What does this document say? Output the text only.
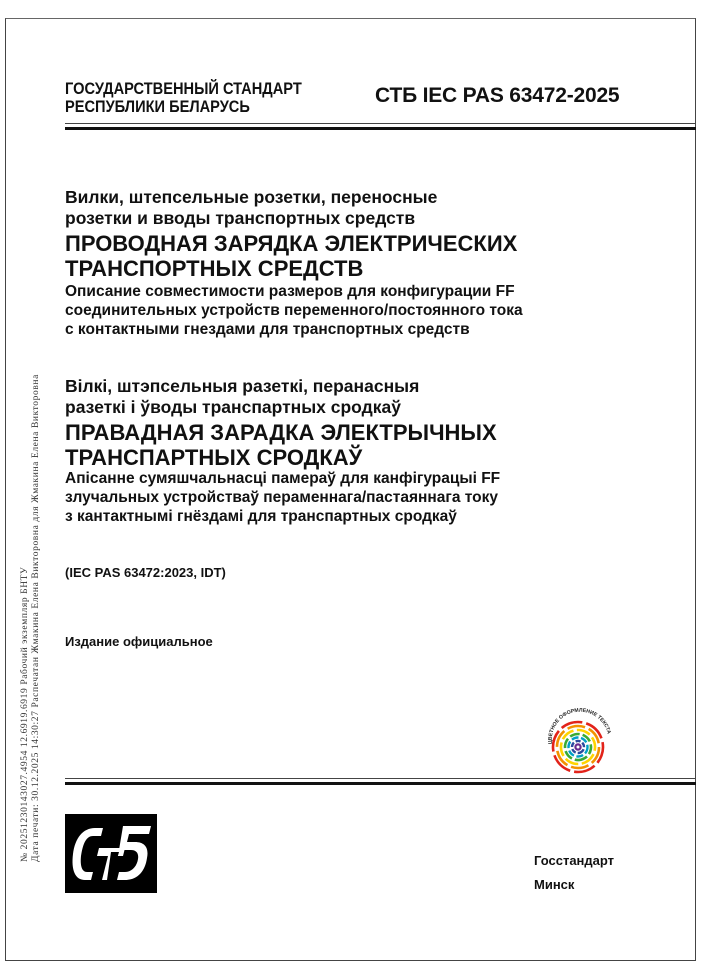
ГОСУДАРСТВЕННЫЙ СТАНДАРТ
РЕСПУБЛИКИ БЕЛАРУСЬ	СТБ IEC PAS 63472-2025
Вилки, штепсельные розетки, переносные
розетки и вводы транспортных средств
ПРОВОДНАЯ ЗАРЯДКА ЭЛЕКТРИЧЕСКИХ
ТРАНСПОРТНЫХ СРЕДСТВ
Описание совместимости размеров для конфигурации FF
соединительных устройств переменного/постоянного тока
с контактными гнездами для транспортных средств
Вілкі, штэпсельныя разеткі, перанасныя
разеткі і ўводы транспартных сродкаў
ПРАВАДНАЯ ЗАРАДКА ЭЛЕКТРЫЧНЫХ
ТРАНСПАРТНЫХ СРОДКАЎ
Апісанне сумяшчальнасці памераў для канфігурацыі FF
злучальных устройстваў пераменнага/пастаяннага току
з кантактнымі гнёздамі для транспартных сродкаў
(IEC PAS 63472:2023, IDT)
Издание официальное
ЦВЕТНОЕ ОФОРМЛЕНИЕ ТЕКСТА
Госстандарт
Минск
№ 20251230143027.4954 12.6919.6919 Рабочий экземпляр БНТУ Дата печати: 30.12.2025 14:30:27 Распечатан Жмакина Елена Викторовна для Жмакина Елена Викторовна
